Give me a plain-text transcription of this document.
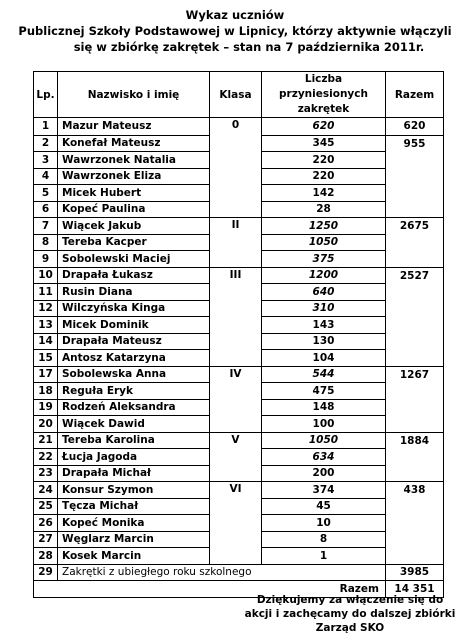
Wykaz uczniów
Publicznej Szkoły Podstawowej w Lipnicy, którzy aktywnie włączyli
się w zbiórkę zakrętek – stan na 7 października 2011r.
Lp.	Nazwisko i imię	Klasa	Liczba przyniesionych zakrętek	Razem
1	Mazur Mateusz	0	620	620
2	Konefał Mateusz		345	955
3	Wawrzonek Natalia		220	
4	Wawrzonek Eliza		220	
5	Micek Hubert		142	
6	Kopeć Paulina		28	
7	Wiącek Jakub	II	1250	2675
8	Tereba Kacper		1050	
9	Sobolewski Maciej		375	
10	Drapała Łukasz	III	1200	2527
11	Rusin Diana		640	
12	Wilczyńska Kinga		310	
13	Micek Dominik		143	
14	Drapała Mateusz		130	
15	Antosz Katarzyna		104	
17	Sobolewska Anna	IV	544	1267
18	Reguła Eryk		475	
19	Rodzeń Aleksandra		148	
20	Wiącek Dawid		100	
21	Tereba Karolina	V	1050	1884
22	Łucja Jagoda		634	
23	Drapała Michał		200	
24	Konsur Szymon	VI	374	438
25	Tęcza Michał		45	
26	Kopeć Monika		10	
27	Węglarz Marcin		8	
28	Kosek Marcin		1	
29	Zakrętki z ubiegłego roku szkolnego			3985
			Razem	14 351
Dziękujemy za włączenie się do
akcji i zachęcamy do dalszej zbiórki
Zarząd SKO
